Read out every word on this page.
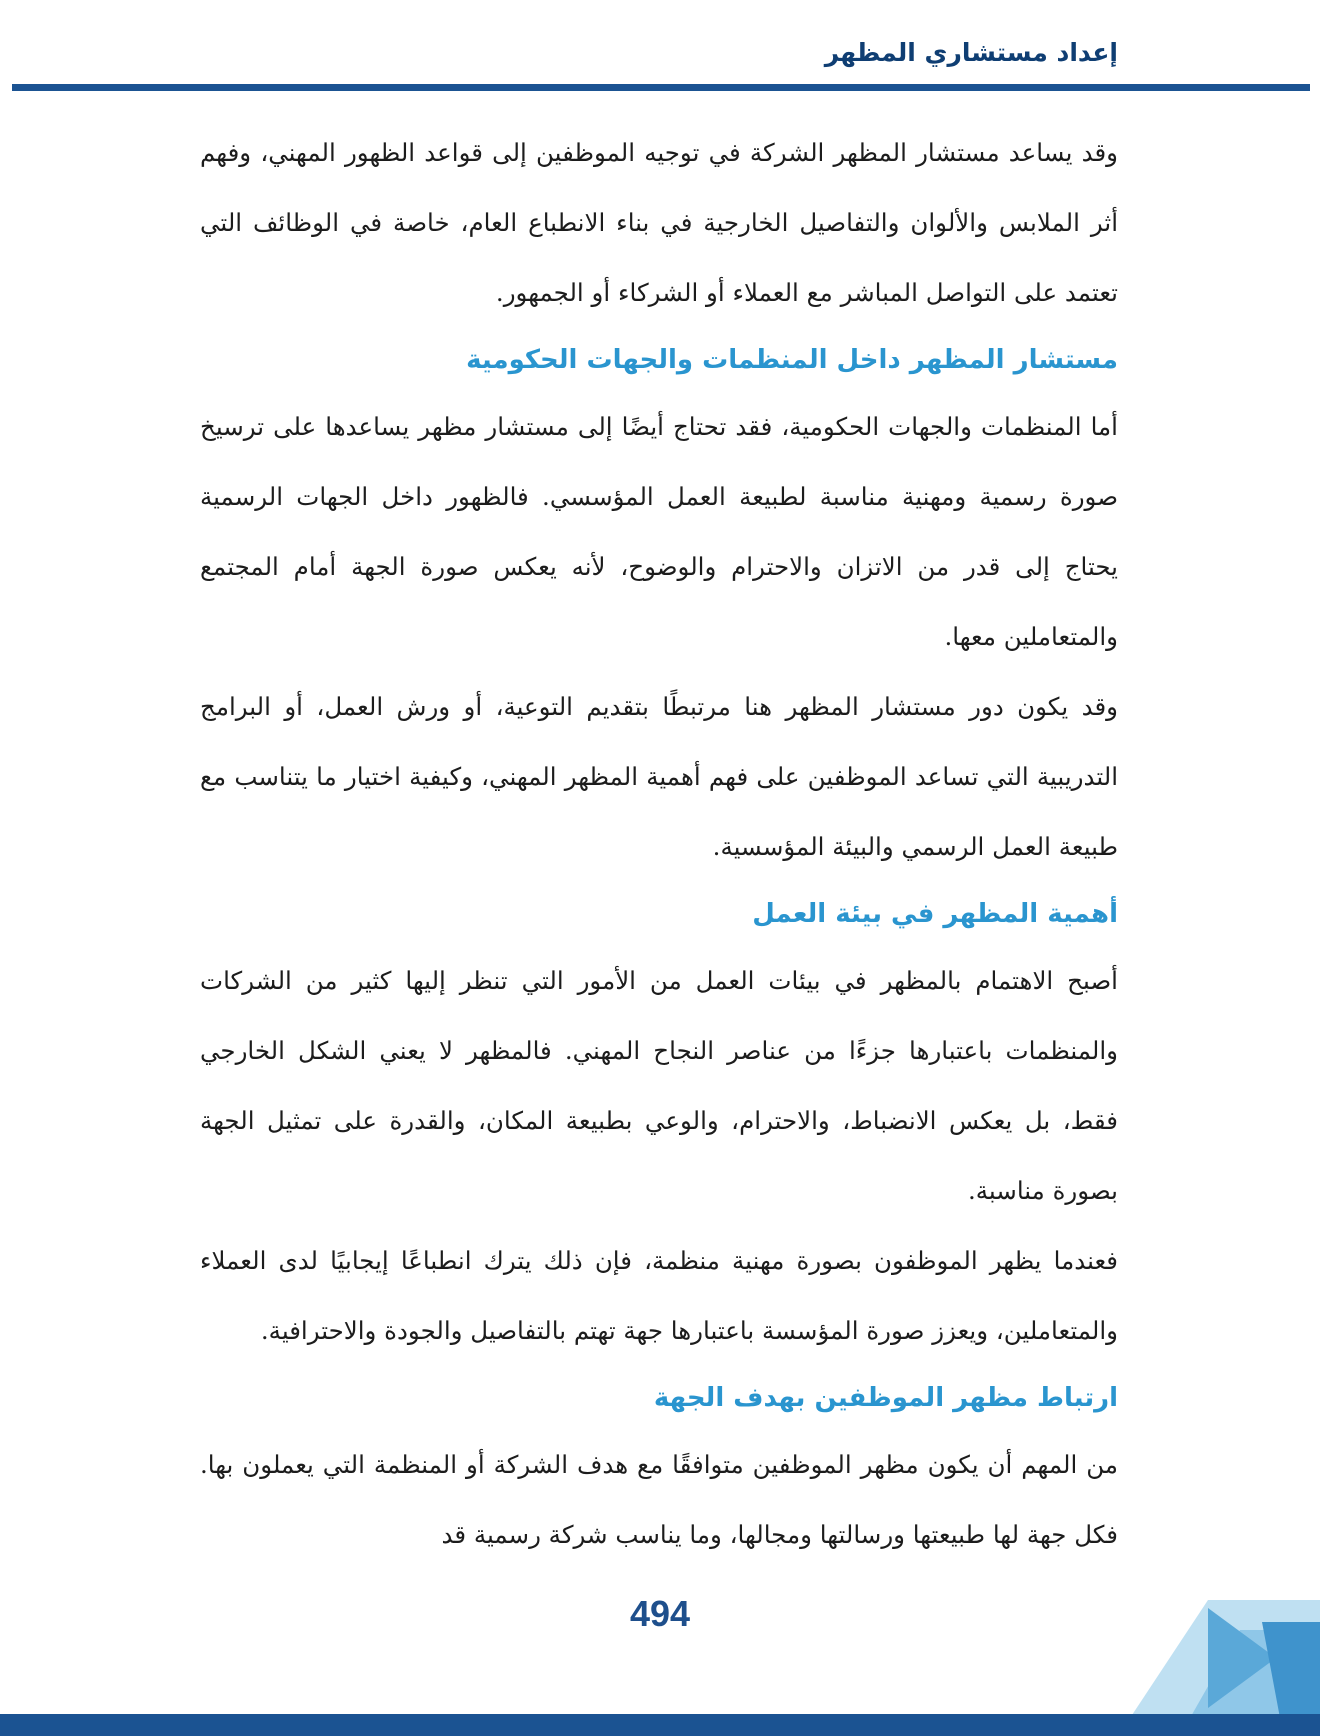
إعداد مستشاري المظهر

وقد يساعد مستشار المظهر الشركة في توجيه الموظفين إلى قواعد الظهور المهني، وفهم أثر الملابس والألوان والتفاصيل الخارجية في بناء الانطباع العام، خاصة في الوظائف التي تعتمد على التواصل المباشر مع العملاء أو الشركاء أو الجمهور.

مستشار المظهر داخل المنظمات والجهات الحكومية

أما المنظمات والجهات الحكومية، فقد تحتاج أيضًا إلى مستشار مظهر يساعدها على ترسيخ صورة رسمية ومهنية مناسبة لطبيعة العمل المؤسسي. فالظهور داخل الجهات الرسمية يحتاج إلى قدر من الاتزان والاحترام والوضوح، لأنه يعكس صورة الجهة أمام المجتمع والمتعاملين معها.

وقد يكون دور مستشار المظهر هنا مرتبطًا بتقديم التوعية، أو ورش العمل، أو البرامج التدريبية التي تساعد الموظفين على فهم أهمية المظهر المهني، وكيفية اختيار ما يتناسب مع طبيعة العمل الرسمي والبيئة المؤسسية.

أهمية المظهر في بيئة العمل

أصبح الاهتمام بالمظهر في بيئات العمل من الأمور التي تنظر إليها كثير من الشركات والمنظمات باعتبارها جزءًا من عناصر النجاح المهني. فالمظهر لا يعني الشكل الخارجي فقط، بل يعكس الانضباط، والاحترام، والوعي بطبيعة المكان، والقدرة على تمثيل الجهة بصورة مناسبة.

فعندما يظهر الموظفون بصورة مهنية منظمة، فإن ذلك يترك انطباعًا إيجابيًا لدى العملاء والمتعاملين، ويعزز صورة المؤسسة باعتبارها جهة تهتم بالتفاصيل والجودة والاحترافية.

ارتباط مظهر الموظفين بهدف الجهة

من المهم أن يكون مظهر الموظفين متوافقًا مع هدف الشركة أو المنظمة التي يعملون بها. فكل جهة لها طبيعتها ورسالتها ومجالها، وما يناسب شركة رسمية قد

494
